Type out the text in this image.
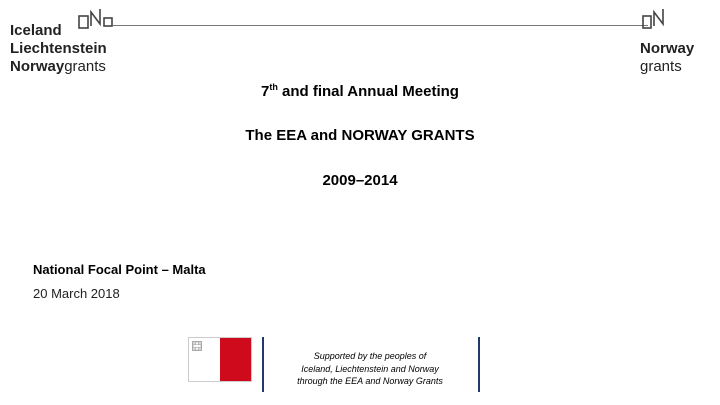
Iceland
Liechtenstein
Norwaygrants
Norway
grants
7th and final Annual Meeting
The EEA and NORWAY GRANTS
2009–2014
National Focal Point – Malta
20 March 2018
Supported by the peoples of
Iceland, Liechtenstein and Norway
through the EEA and Norway Grants
